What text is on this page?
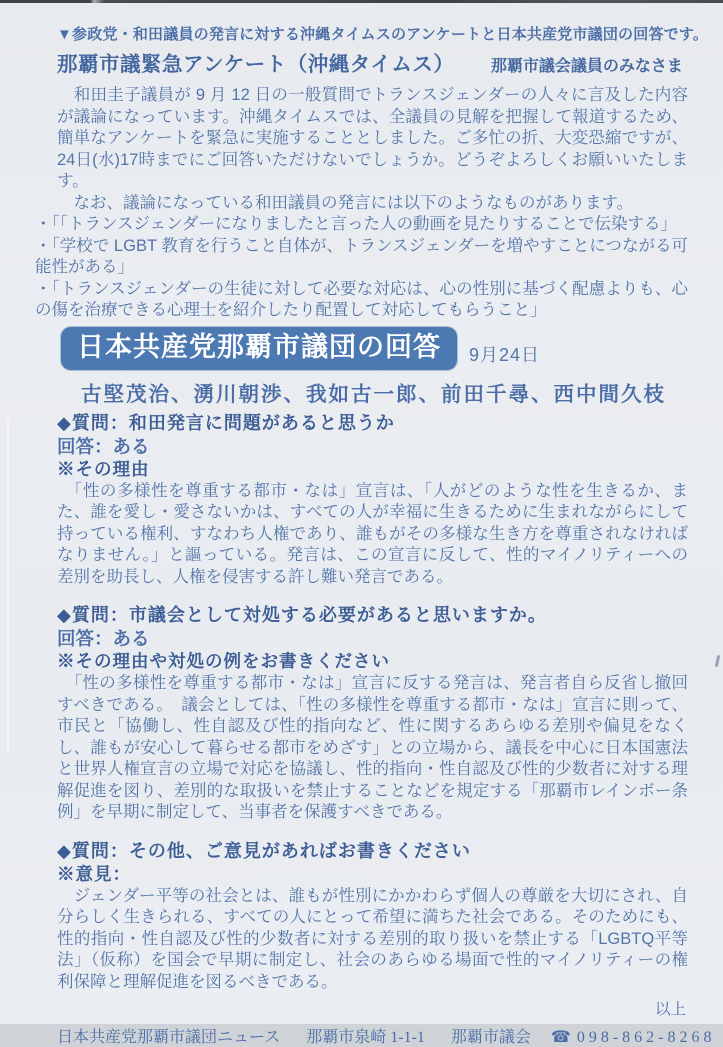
▼参政党・和田議員の発言に対する沖縄タイムスのアンケートと日本共産党市議団の回答です。

那覇市議緊急アンケート（沖縄タイムス） 那覇市議会議員のみなさま

　和田圭子議員が 9 月 12 日の一般質問でトランスジェンダーの人々に言及した内容が議論になっています。沖縄タイムスでは、全議員の見解を把握して報道するため、簡単なアンケートを緊急に実施することとしました。ご多忙の折、大変恐縮ですが、24日(水)17時までにご回答いただけないでしょうか。どうぞよろしくお願いいたします。

　なお、議論になっている和田議員の発言には以下のようなものがあります。

・「「トランスジェンダーになりましたと言った人の動画を見たりすることで伝染する」

・「学校で LGBT 教育を行うこと自体が、トランスジェンダーを増やすことにつながる可能性がある」

・「トランスジェンダーの生徒に対して必要な対応は、心の性別に基づく配慮よりも、心の傷を治療できる心理士を紹介したり配置して対応してもらうこと」

日本共産党那覇市議団の回答	9月24日

古堅茂治、湧川朝渉、我如古一郎、前田千尋、西中間久枝

◆質問：和田発言に問題があると思うか

回答：ある

※その理由

　「性の多様性を尊重する都市・なは」宣言は、「人がどのような性を生きるか、また、誰を愛し・愛さないかは、すべての人が幸福に生きるために生まれながらにして持っている権利、すなわち人権であり、誰もがその多様な生き方を尊重されなければなりません。」と謳っている。発言は、この宣言に反して、性的マイノリティーへの差別を助長し、人権を侵害する許し難い発言である。

◆質問：市議会として対処する必要があると思いますか。

回答：ある

※その理由や対処の例をお書きください

　「性の多様性を尊重する都市・なは」宣言に反する発言は、発言者自ら反省し撤回すべきである。　議会としては、「性の多様性を尊重する都市・なは」宣言に則って、市民と「協働し、性自認及び性的指向など、性に関するあらゆる差別や偏見をなくし、誰もが安心して暮らせる都市をめざす」との立場から、議長を中心に日本国憲法と世界人権宣言の立場で対応を協議し、性的指向・性自認及び性的少数者に対する理解促進を図り、差別的な取扱いを禁止することなどを規定する「那覇市レインボー条例」を早期に制定して、当事者を保護すべきである。

◆質問：その他、ご意見があればお書きください

※意見：

　ジェンダー平等の社会とは、誰もが性別にかかわらず個人の尊厳を大切にされ、自分らしく生きられる、すべての人にとって希望に満ちた社会である。そのためにも、性的指向・性自認及び性的少数者に対する差別的取り扱いを禁止する「LGBTQ平等法」（仮称）を国会で早期に制定し、社会のあらゆる場面で性的マイノリティーの権利保障と理解促進を図るべきである。

以上

日本共産党那覇市議団ニュース 那覇市泉崎 1-1-1 那覇市議会 ☎ 098-862-8268
